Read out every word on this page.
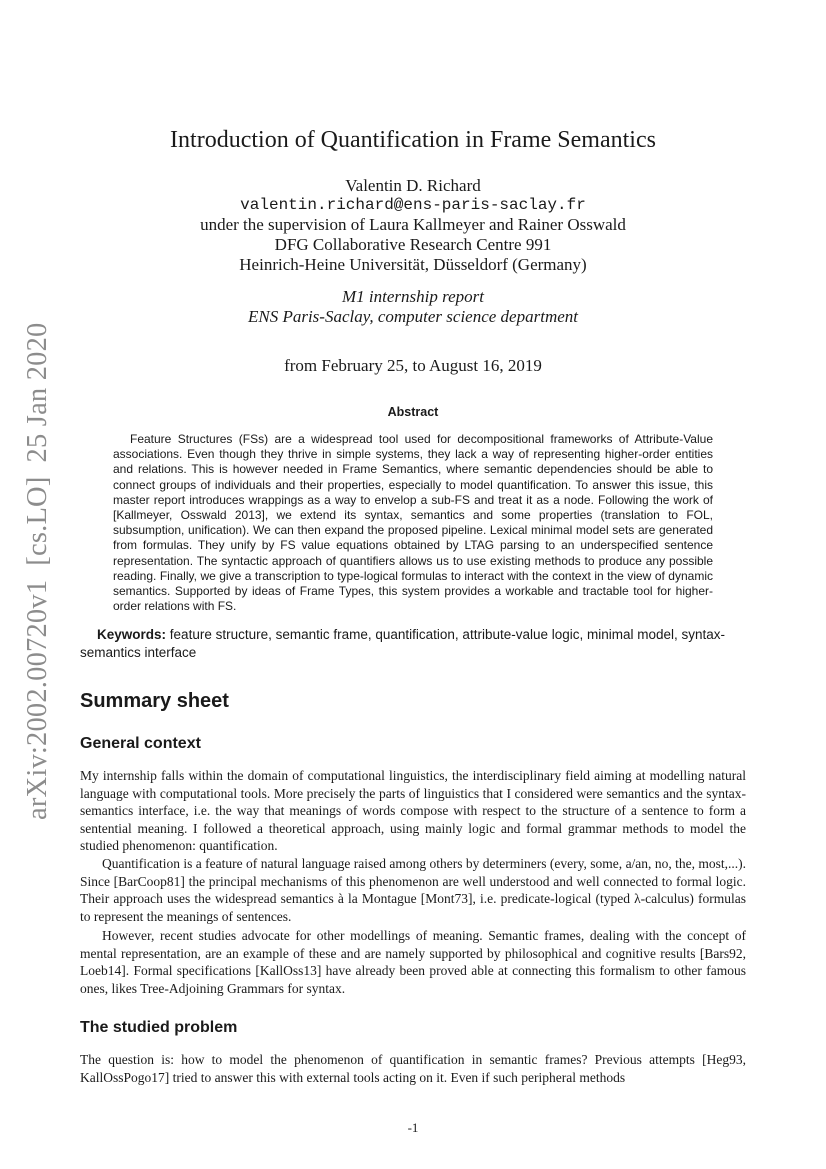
arXiv:2002.00720v1[cs.LO]25 Jan 2020
Introduction of Quantification in Frame Semantics
Valentin D. Richard
valentin.richard@ens-paris-saclay.fr
under the supervision of Laura Kallmeyer and Rainer Osswald
DFG Collaborative Research Centre 991
Heinrich-Heine Universität, Düsseldorf (Germany)
M1 internship report
ENS Paris-Saclay, computer science department
from February 25, to August 16, 2019
Abstract

Feature Structures (FSs) are a widespread tool used for decompositional frameworks of Attribute-Value associations. Even though they thrive in simple systems, they lack a way of representing higher-order entities and relations. This is however needed in Frame Semantics, where semantic dependencies should be able to connect groups of individuals and their properties, especially to model quantification. To answer this issue, this master report introduces wrappings as a way to envelop a sub-FS and treat it as a node. Following the work of [Kallmeyer, Osswald 2013], we extend its syntax, semantics and some properties (translation to FOL, subsumption, unification). We can then expand the proposed pipeline. Lexical minimal model sets are generated from formulas. They unify by FS value equations obtained by LTAG parsing to an underspecified sentence representation. The syntactic approach of quantifiers allows us to use existing methods to produce any possible reading. Finally, we give a transcription to type-logical formulas to interact with the context in the view of dynamic semantics. Supported by ideas of Frame Types, this system provides a workable and tractable tool for higher-order relations with FS.

Keywords: feature structure, semantic frame, quantification, attribute-value logic, minimal model, syntax-semantics interface

Summary sheet
General context

My internship falls within the domain of computational linguistics, the interdisciplinary field aiming at modelling natural language with computational tools. More precisely the parts of linguistics that I considered were semantics and the syntax-semantics interface, i.e. the way that meanings of words compose with respect to the structure of a sentence to form a sentential meaning. I followed a theoretical approach, using mainly logic and formal grammar methods to model the studied phenomenon: quantification.

Quantification is a feature of natural language raised among others by determiners (every, some, a/an, no, the, most,...). Since [BarCoop81] the principal mechanisms of this phenomenon are well understood and well connected to formal logic. Their approach uses the widespread semantics à la Montague [Mont73], i.e. predicate-logical (typed λ-calculus) formulas to represent the meanings of sentences.

However, recent studies advocate for other modellings of meaning. Semantic frames, dealing with the concept of mental representation, are an example of these and are namely supported by philosophical and cognitive results [Bars92, Loeb14]. Formal specifications [KallOss13] have already been proved able at connecting this formalism to other famous ones, likes Tree-Adjoining Grammars for syntax.

The studied problem

The question is: how to model the phenomenon of quantification in semantic frames? Previous attempts [Heg93, KallOssPogo17] tried to answer this with external tools acting on it. Even if such peripheral methods

-1
